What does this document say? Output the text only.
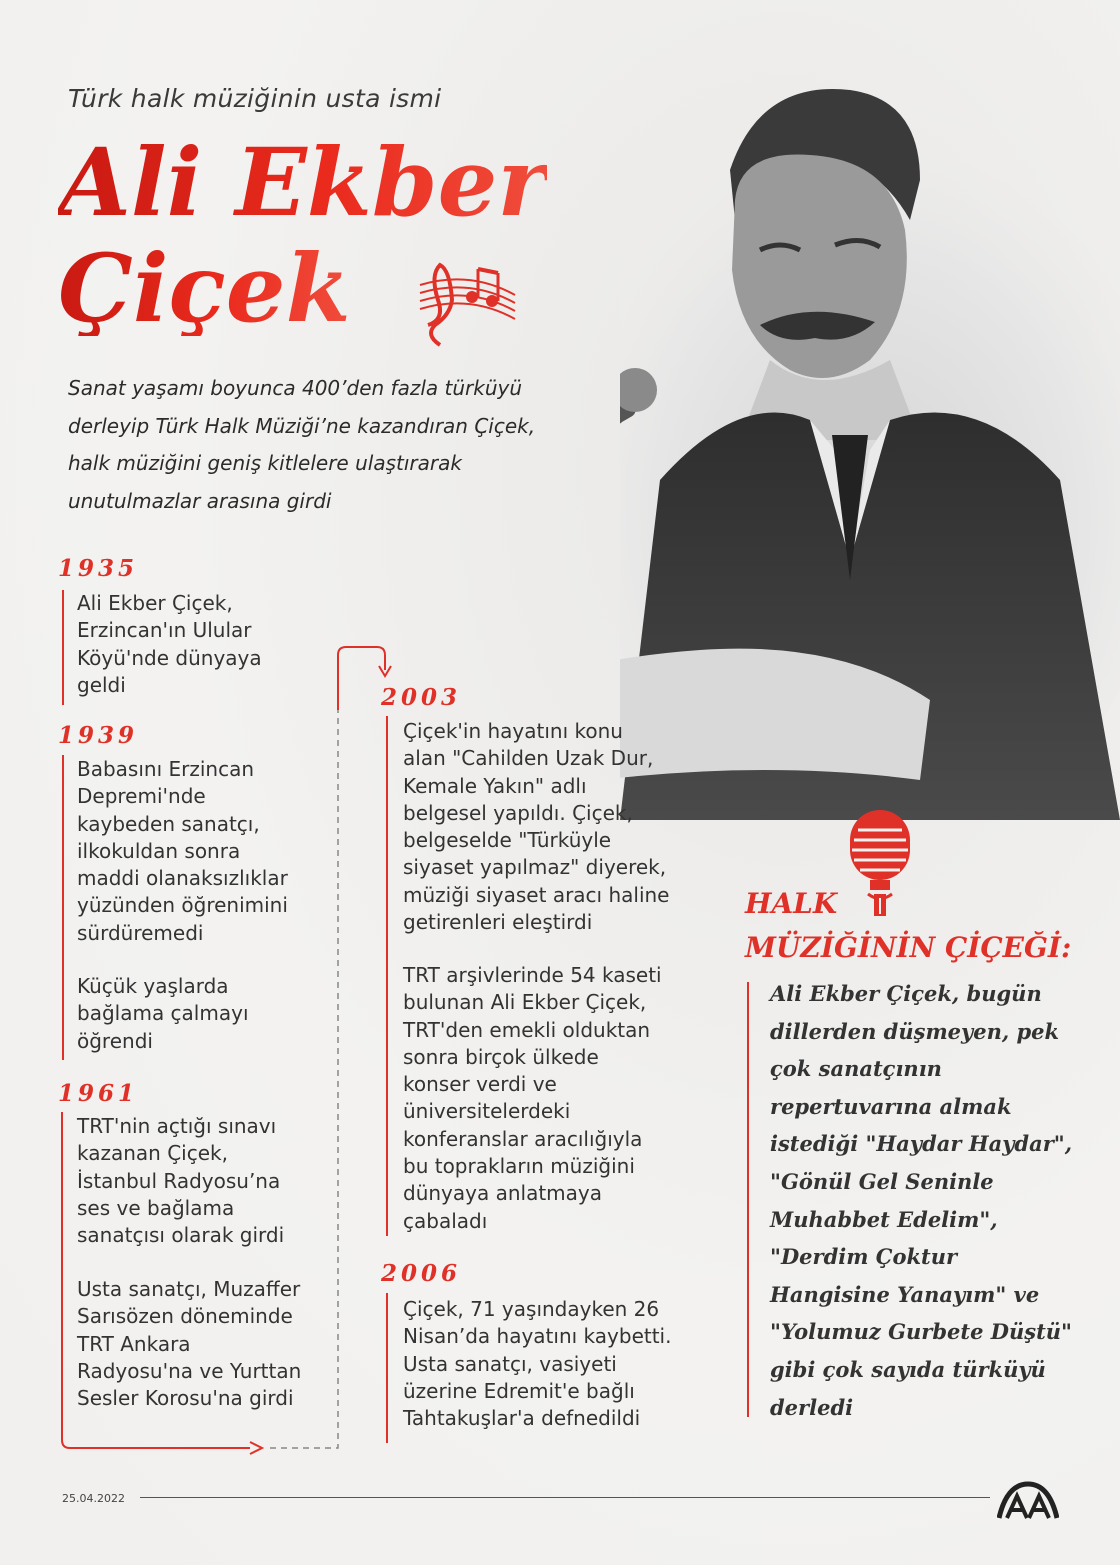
Türk halk müziğinin usta ismi
Ali Ekber
Çiçek
Sanat yaşamı boyunca 400’den fazla türküyü derleyip Türk Halk Müziği’ne kazandıran Çiçek, halk müziğini geniş kitlelere ulaştırarak unutulmazlar arasına girdi
1935
Ali Ekber Çiçek,
Erzincan'ın Ulular
Köyü'nde dünyaya
geldi
1939
Babasını Erzincan
Depremi'nde
kaybeden sanatçı,
ilkokuldan sonra
maddi olanaksızlıklar
yüzünden öğrenimini
sürdüremedi
Küçük yaşlarda
bağlama çalmayı
öğrendi
1961
TRT'nin açtığı sınavı
kazanan Çiçek,
İstanbul Radyosu’na
ses ve bağlama
sanatçısı olarak girdi
Usta sanatçı, Muzaffer
Sarısözen döneminde
TRT Ankara
Radyosu'na ve Yurttan
Sesler Korosu'na girdi
2003
Çiçek'in hayatını konu
alan "Cahilden Uzak Dur,
Kemale Yakın" adlı
belgesel yapıldı. Çiçek,
belgeselde "Türküyle
siyaset yapılmaz" diyerek,
müziği siyaset aracı haline
getirenleri eleştirdi
TRT arşivlerinde 54 kaseti
bulunan Ali Ekber Çiçek,
TRT'den emekli olduktan
sonra birçok ülkede
konser verdi ve
üniversitelerdeki
konferanslar aracılığıyla
bu toprakların müziğini
dünyaya anlatmaya
çabaladı
2006
Çiçek, 71 yaşındayken 26
Nisan’da hayatını kaybetti.
Usta sanatçı, vasiyeti
üzerine Edremit'e bağlı
Tahtakuşlar'a defnedildi
HALK
MÜZİĞİNİN ÇİÇEĞİ:
Ali Ekber Çiçek, bugün
dillerden düşmeyen, pek
çok sanatçının
repertuvarına almak
istediği "Haydar Haydar",
"Gönül Gel Seninle
Muhabbet Edelim",
"Derdim Çoktur
Hangisine Yanayım" ve
"Yolumuz Gurbete Düştü"
gibi çok sayıda türküyü
derledi
25.04.2022
